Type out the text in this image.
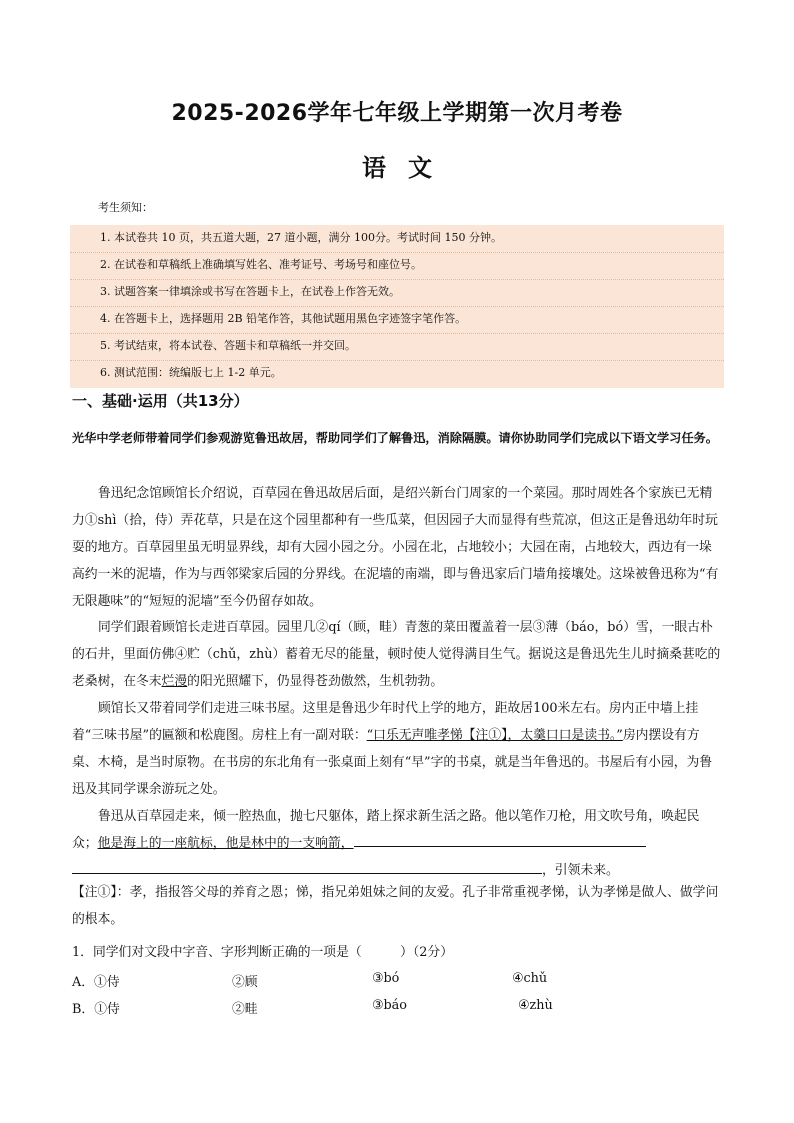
2025-2026学年七年级上学期第一次月考卷
语文
考生须知：
1. 本试卷共 10 页，共五道大题，27 道小题，满分 100分。考试时间 150 分钟。
2. 在试卷和草稿纸上准确填写姓名、准考证号、考场号和座位号。
3. 试题答案一律填涂或书写在答题卡上，在试卷上作答无效。
4. 在答题卡上，选择题用 2B 铅笔作答，其他试题用黑色字迹签字笔作答。
5. 考试结束，将本试卷、答题卡和草稿纸一并交回。
6. 测试范围：统编版七上 1-2 单元。
一、基础·运用（共13分）
光华中学老师带着同学们参观游览鲁迅故居，帮助同学们了解鲁迅，消除隔膜。请你协助同学们完成以下语文学习任务。
鲁迅纪念馆顾馆长介绍说，百草园在鲁迅故居后面，是绍兴新台门周家的一个菜园。那时周姓各个家族已无精力①shì（拾，侍）弄花草，只是在这个园里都种有一些瓜菜，但因园子大而显得有些荒凉，但这正是鲁迅幼年时玩耍的地方。百草园里虽无明显界线，却有大园小园之分。小园在北，占地较小；大园在南，占地较大，西边有一垛高约一米的泥墙，作为与西邻梁家后园的分界线。在泥墙的南端，即与鲁迅家后门墙角接壤处。这垛被鲁迅称为“有无限趣味”的“短短的泥墙”至今仍留存如故。
同学们跟着顾馆长走进百草园。园里几②qí（顾，畦）青葱的菜田覆盖着一层③薄（báo，bó）雪，一眼古朴的石井，里面仿佛④贮（chǔ，zhù）蓄着无尽的能量，顿时使人觉得满目生气。据说这是鲁迅先生儿时摘桑葚吃的老桑树，在冬末烂漫的阳光照耀下，仍显得苍劲傲然，生机勃勃。
顾馆长又带着同学们走进三味书屋。这里是鲁迅少年时代上学的地方，距故居100米左右。房内正中墙上挂着“三味书屋”的匾额和松鹿图。房柱上有一副对联：“口乐无声唯孝悌【注①】，太羹口口是读书。”房内摆设有方桌、木椅，是当时原物。在书房的东北角有一张桌面上刻有“早”字的书桌，就是当年鲁迅的。书屋后有小园，为鲁迅及其同学课余游玩之处。
鲁迅从百草园走来，倾一腔热血，抛七尺躯体，踏上探求新生活之路。他以笔作刀枪，用文吹号角，唤起民众；他是海上的一座航标，他是林中的一支响箭，，引领未来。
【注①】：孝，指报答父母的养育之恩；悌，指兄弟姐妹之间的友爱。孔子非常重视孝悌，认为孝悌是做人、做学问的根本。
1．同学们对文段中字音、字形判断正确的一项是（　　　）（2分）
A．①侍	②顾	③bó	④chǔ
B．①侍	②畦	③báo	④zhù
